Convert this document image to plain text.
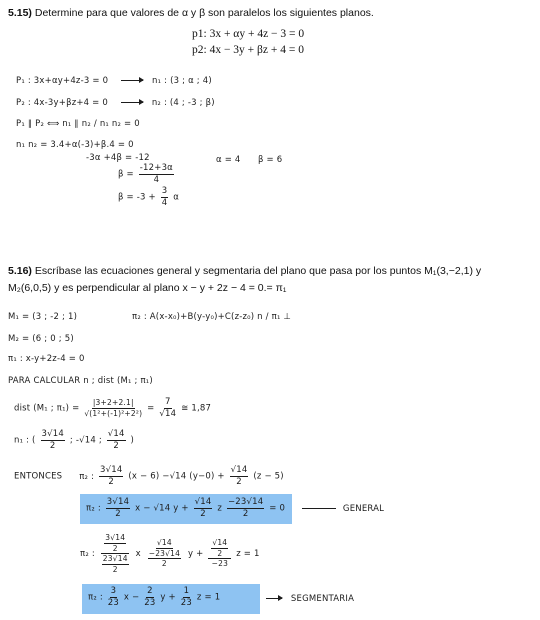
5.15) Determine para que valores de α y β son paralelos los siguientes planos.
p1: 3x + αy + 4z − 3 = 0
p2: 4x − 3y + βz + 4 = 0
P₁ : 3x+αy+4z-3 = 0	n₁ : (3 ; α ; 4)
P₂ : 4x-3y+βz+4 = 0	n₂ : (4 ; -3 ; β)
P₁ ∥ P₂ ⟺ n₁ ∥ n₂ / n₁ n₂ = 0
n₁ n₂ = 3.4+α(-3)+β.4 = 0
-3α +4β = -12
$\beta = \frac{-12+3\alpha}{4}$
$\beta = -3 + \frac{3}{4}$ α
α = 4 β = 6
5.16) Escríbase las ecuaciones general y segmentaria del plano que pasa por los puntos M₁(3,−2,1) y
M₂(6,0,5) y es perpendicular al plano x − y + 2z − 4 = 0.= π₁
M₁ = (3 ; -2 ; 1)	π₂ : A(x-x₀)+B(y-y₀)+C(z-z₀) n / π₁ ⊥
M₂ = (6 ; 0 ; 5)
π₁ : x-y+2z-4 = 0
PARA CALCULAR n ; dist (M₁ ; π₁)
dist (M₁ ; $\pi_1) = \frac{|3+2+2.1|}{\text{√(1²+(-1)²+2²)}} = \frac{7}{√14}$ ≅ 1,87
n₁ : ( $\frac{3√14}{2}$ ; -√14 ; $\frac{√14}{2}$ )
ENTONCES π₂ : $\frac{3√14}{2} (x - 6) -√14$ $(y-0) + \frac{√14}{2} (z - 5)$
π₂ : $\frac{3√14}{2}$ x − √14 $y + \frac{√14}{2}$ z $\frac{-23√14}{2} = 0$	GENERAL
π₂ : $\frac{\frac{3√14}{2}}{\frac{23√14}{2}}$ x $\frac{√14}{\frac{-23√14}{2}}$ $y + \frac{\frac{√14}{2}}{-23}$ z = 1
π₂ : $\frac{3}{23}$ $x - \frac{2}{23}$ $y + \frac{1}{23}$ z = 1	SEGMENTARIA
